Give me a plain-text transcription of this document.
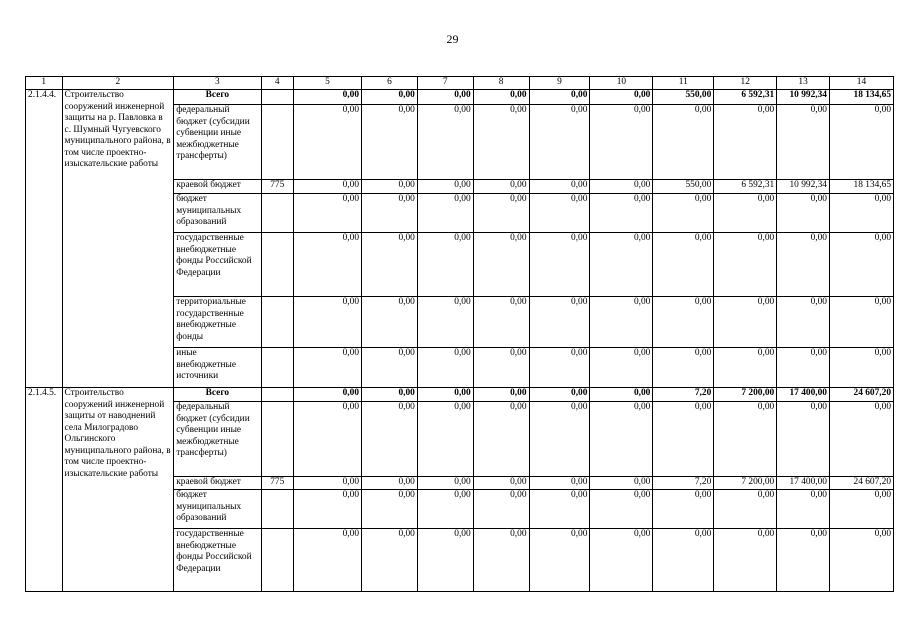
29
1	2	3	4	5	6	7	8	9	10	11	12	13	14
2.1.4.4.	Строительство сооружений инженерной защиты на р. Павловка в с. Шумный Чугуевского муниципального района, в том числе проектно-изыскательские работы	Всего		0,00	0,00	0,00	0,00	0,00	0,00	550,00	6 592,31	10 992,34	18 134,65
		федеральный бюджет (субсидии субвенции иные межбюджетные трансферты)		0,00	0,00	0,00	0,00	0,00	0,00	0,00	0,00	0,00	0,00
		краевой бюджет	775	0,00	0,00	0,00	0,00	0,00	0,00	550,00	6 592,31	10 992,34	18 134,65
		бюджет муниципальных образований		0,00	0,00	0,00	0,00	0,00	0,00	0,00	0,00	0,00	0,00
		государственные внебюджетные фонды Российской Федерации		0,00	0,00	0,00	0,00	0,00	0,00	0,00	0,00	0,00	0,00
		территориальные государственные внебюджетные фонды		0,00	0,00	0,00	0,00	0,00	0,00	0,00	0,00	0,00	0,00
		иные внебюджетные источники		0,00	0,00	0,00	0,00	0,00	0,00	0,00	0,00	0,00	0,00
2.1.4.5.	Строительство сооружений инженерной защиты от наводнений села Милоградово Ольгинского муниципального района, в том числе проектно-изыскательские работы	Всего		0,00	0,00	0,00	0,00	0,00	0,00	7,20	7 200,00	17 400,00	24 607,20
		федеральный бюджет (субсидии субвенции иные межбюджетные трансферты)		0,00	0,00	0,00	0,00	0,00	0,00	0,00	0,00	0,00	0,00
		краевой бюджет	775	0,00	0,00	0,00	0,00	0,00	0,00	7,20	7 200,00	17 400,00	24 607,20
		бюджет муниципальных образований		0,00	0,00	0,00	0,00	0,00	0,00	0,00	0,00	0,00	0,00
		государственные внебюджетные фонды Российской Федерации		0,00	0,00	0,00	0,00	0,00	0,00	0,00	0,00	0,00	0,00
